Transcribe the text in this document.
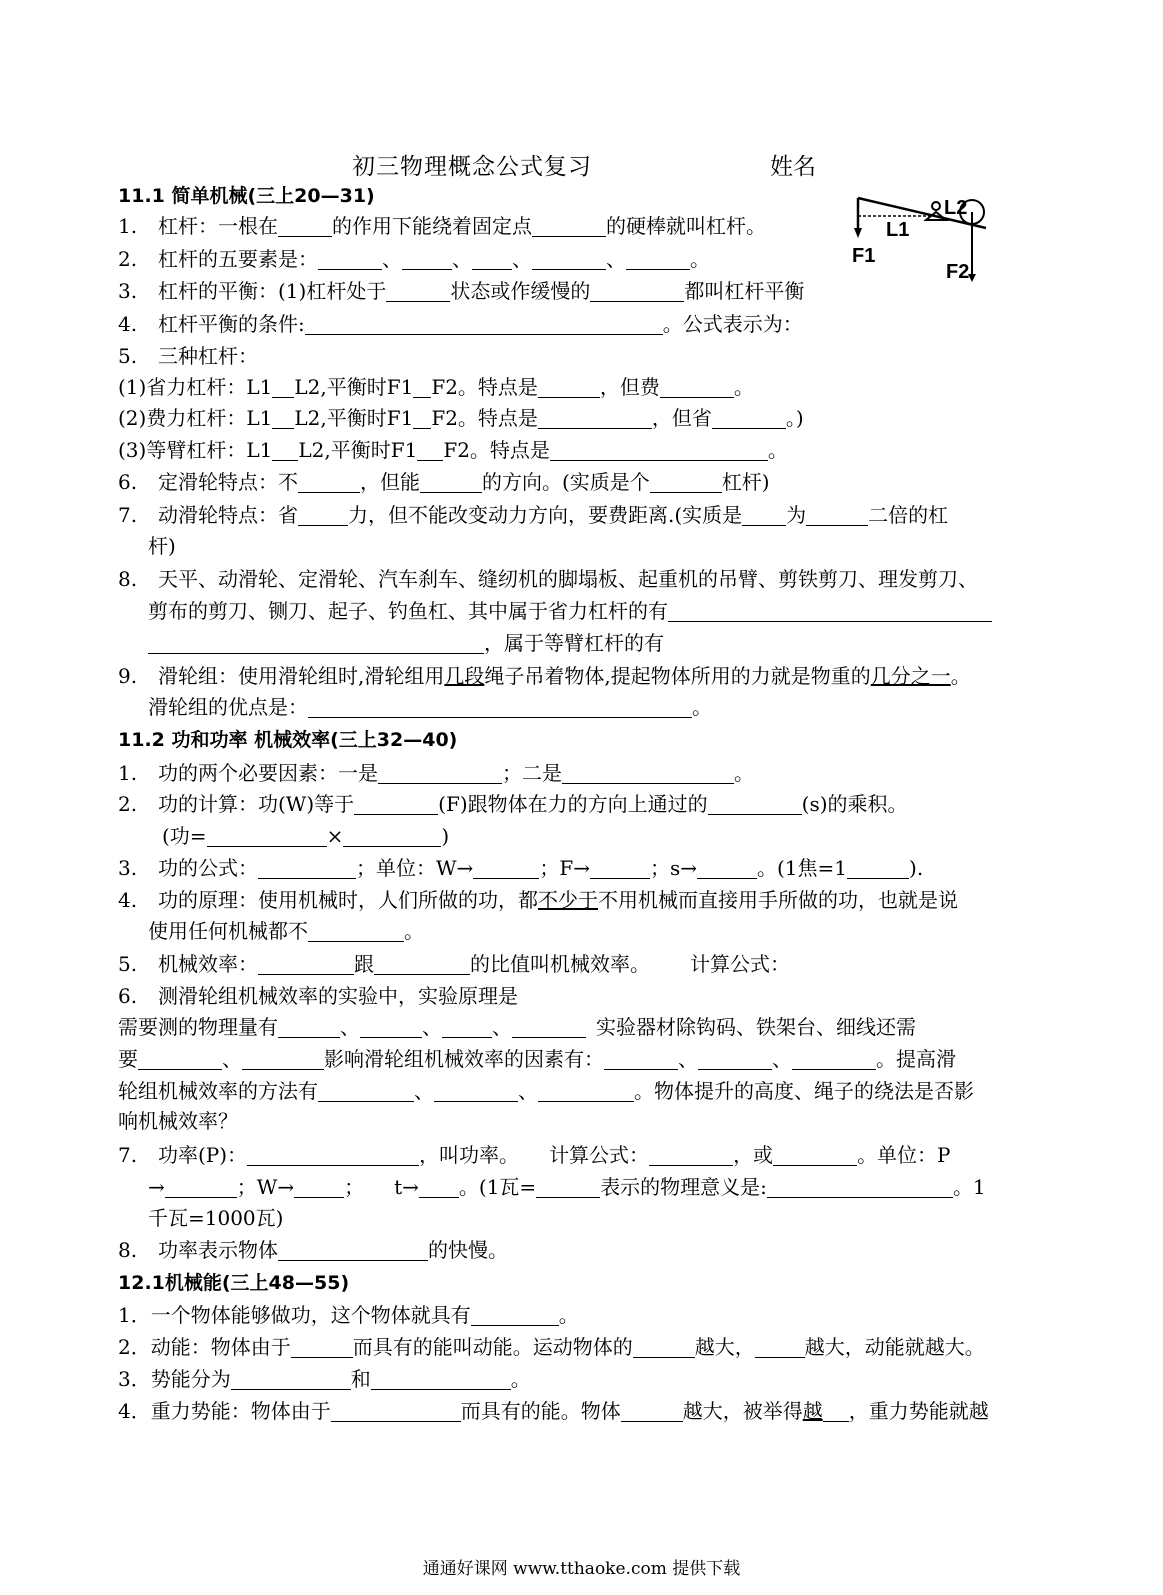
初三物理概念公式复习	姓名
F1
L1
L2
F2
11.1 简单机械(三上20—31)
1. 杠杆：一根在	的作用下能绕着固定点	的硬棒就叫杠杆。
2. 杠杆的五要素是：	、	、 、	、	。
3. 杠杆的平衡：(1)杠杆处于	状态或作缓慢的	都叫杠杆平衡
4. 杠杆平衡的条件:	。公式表示为：
5. 三种杠杆：
(1)省力杠杆：L1 L2,平衡时F1 F2。特点是	，但费	。
(2)费力杠杆：L1 L2,平衡时F1 F2。特点是	，但省	。)
(3)等臂杠杆：L1 L2,平衡时F1 F2。特点是	。
6. 定滑轮特点：不	，但能	的方向。(实质是个	杠杆)
7. 动滑轮特点：省	力，但不能改变动力方向，要费距离.(实质是 为	二倍的杠
杆)
8. 天平、动滑轮、定滑轮、汽车刹车、缝纫机的脚塌板、起重机的吊臂、剪铁剪刀、理发剪刀、
剪布的剪刀、铡刀、起子、钓鱼杠、其中属于省力杠杆的有
，属于等臂杠杆的有
9. 滑轮组：使用滑轮组时,滑轮组用几段绳子吊着物体,提起物体所用的力就是物重的几分之一。
滑轮组的优点是：	。
11.2 功和功率 机械效率(三上32—40)
1. 功的两个必要因素：一是	；二是	。
2. 功的计算：功(W)等于	(F)跟物体在力的方向上通过的	(s)的乘积。
(功=	×	)
3. 功的公式：	；单位：W→	；F→	；s→	。(1焦=1	).
4. 功的原理：使用机械时，人们所做的功，都不少于不用机械而直接用手所做的功，也就是说
使用任何机械都不	。
5. 机械效率：	跟	的比值叫机械效率。 计算公式：
6. 测滑轮组机械效率的实验中，实验原理是
需要测的物理量有	、	、	、	实验器材除钩码、铁架台、细线还需
要	、	影响滑轮组机械效率的因素有：	、	、	。提高滑
轮组机械效率的方法有	、	、	。物体提升的高度、绳子的绕法是否影
响机械效率？
7. 功率(P)：	，叫功率。 计算公式：	，或	。单位：P
→	；W→	； t→ 。(1瓦=	表示的物理意义是:	。1
千瓦=1000瓦)
8. 功率表示物体	的快慢。
12.1机械能(三上48—55)
1．一个物体能够做功，这个物体就具有	。
2．动能：物体由于	而具有的能叫动能。运动物体的	越大，	越大，动能就越大。
3．势能分为	和	。
4．重力势能：物体由于	而具有的能。物体	越大，被举得越 ，重力势能就越
通通好课网 www.tthaoke.com 提供下载
